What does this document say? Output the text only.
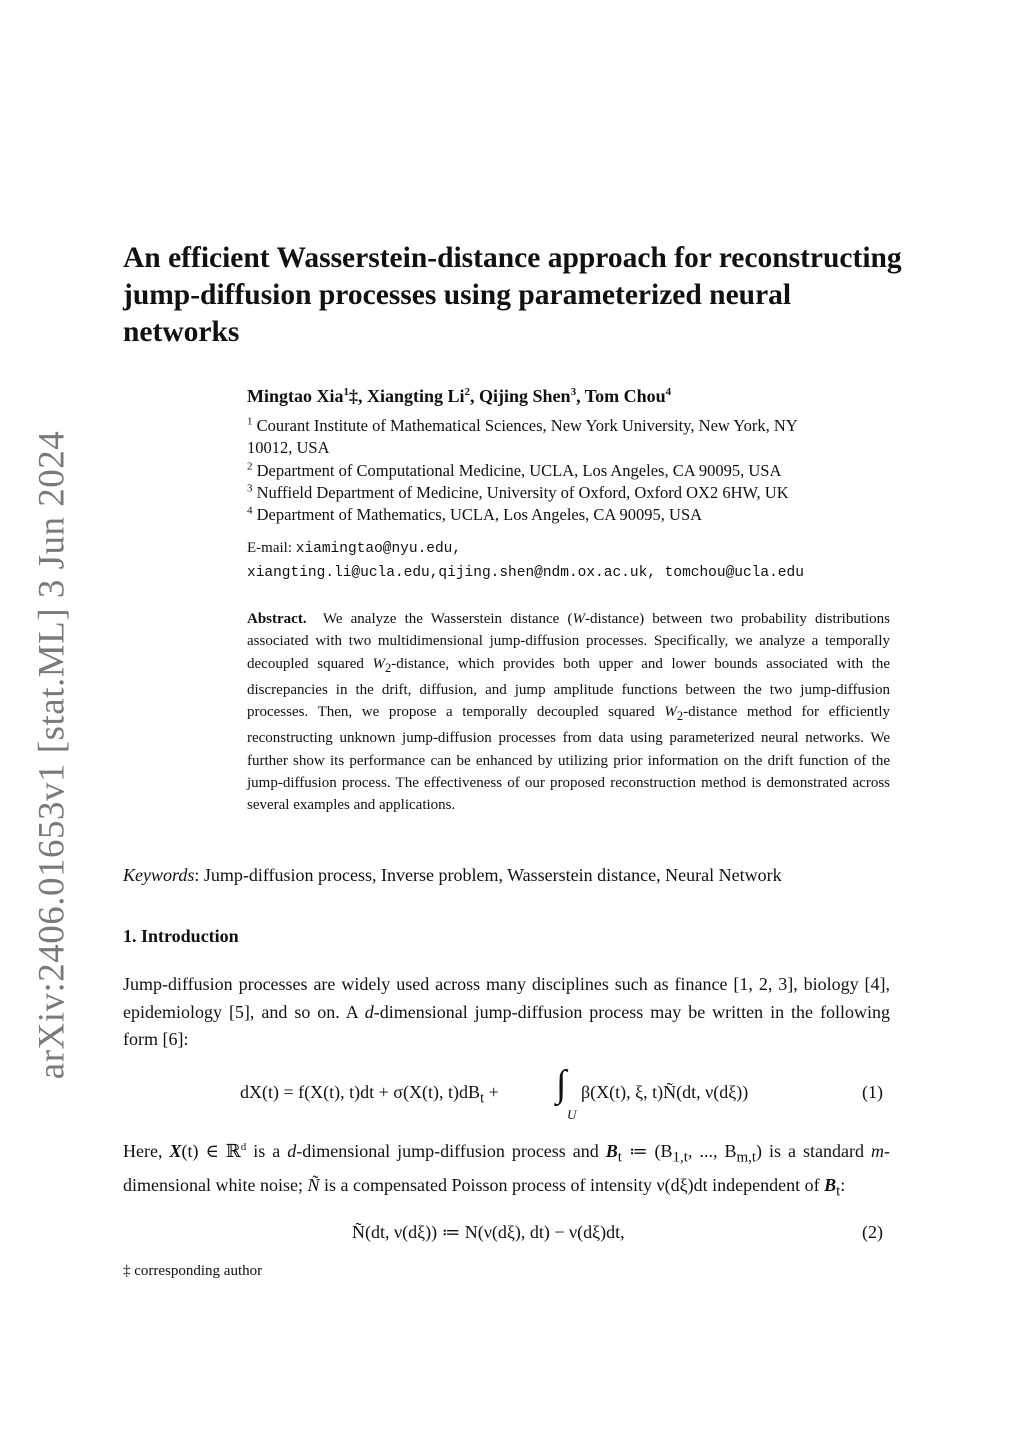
arXiv:2406.01653v1 [stat.ML] 3 Jun 2024
An efficient Wasserstein-distance approach for reconstructing
jump-diffusion processes using parameterized neural
networks
Mingtao Xia$^1$‡, Xiangting Li$^2$, Qijing Shen$^3$, Tom Chou$^4$
$^1$ Courant Institute of Mathematical Sciences, New York University, New York, NY
10012, USA
$^2$ Department of Computational Medicine, UCLA, Los Angeles, CA 90095, USA
$^3$ Nuffield Department of Medicine, University of Oxford, Oxford OX2 6HW, UK
$^4$ Department of Mathematics, UCLA, Los Angeles, CA 90095, USA
E-mail: xiamingtao@nyu.edu,
xiangting.li@ucla.edu,qijing.shen@ndm.ox.ac.uk, tomchou@ucla.edu
Abstract. We analyze the Wasserstein distance (W-distance) between two probability distributions associated with two multidimensional jump-diffusion processes. Specifically, we analyze a temporally decoupled squared $W_2$-distance, which provides both upper and lower bounds associated with the discrepancies in the drift, diffusion, and jump amplitude functions between the two jump-diffusion processes. Then, we propose a temporally decoupled squared $W_2$-distance method for efficiently reconstructing unknown jump-diffusion processes from data using parameterized neural networks. We further show its performance can be enhanced by utilizing prior information on the drift function of the jump-diffusion process. The effectiveness of our proposed reconstruction method is demonstrated across several examples and applications.
Keywords: Jump-diffusion process, Inverse problem, Wasserstein distance, Neural Network
1. Introduction
Jump-diffusion processes are widely used across many disciplines such as finance [1, 2, 3], biology [4], epidemiology [5], and so on. A d-dimensional jump-diffusion process may be written in the following form [6]:
dX(t) = f(X(t), t)dt + σ(X(t), $t)dB_t$ + ∫
U
β(X(t), ξ, t)Ñ(dt, ν(dξ))	(1)
Here, X(t) ∈ ℝ$^d$ is a d-dimensional jump-diffusion process and $B_t$ ≔ ($B_{1,t}$, ..., $B_{m,t}$) is a standard m-dimensional white noise; Ñ is a compensated Poisson process of intensity ν(dξ)dt independent of $B_t$:
Ñ(dt, ν(dξ)) ≔ N(ν(dξ), dt) − ν(dξ)dt,	(2)
‡ corresponding author
